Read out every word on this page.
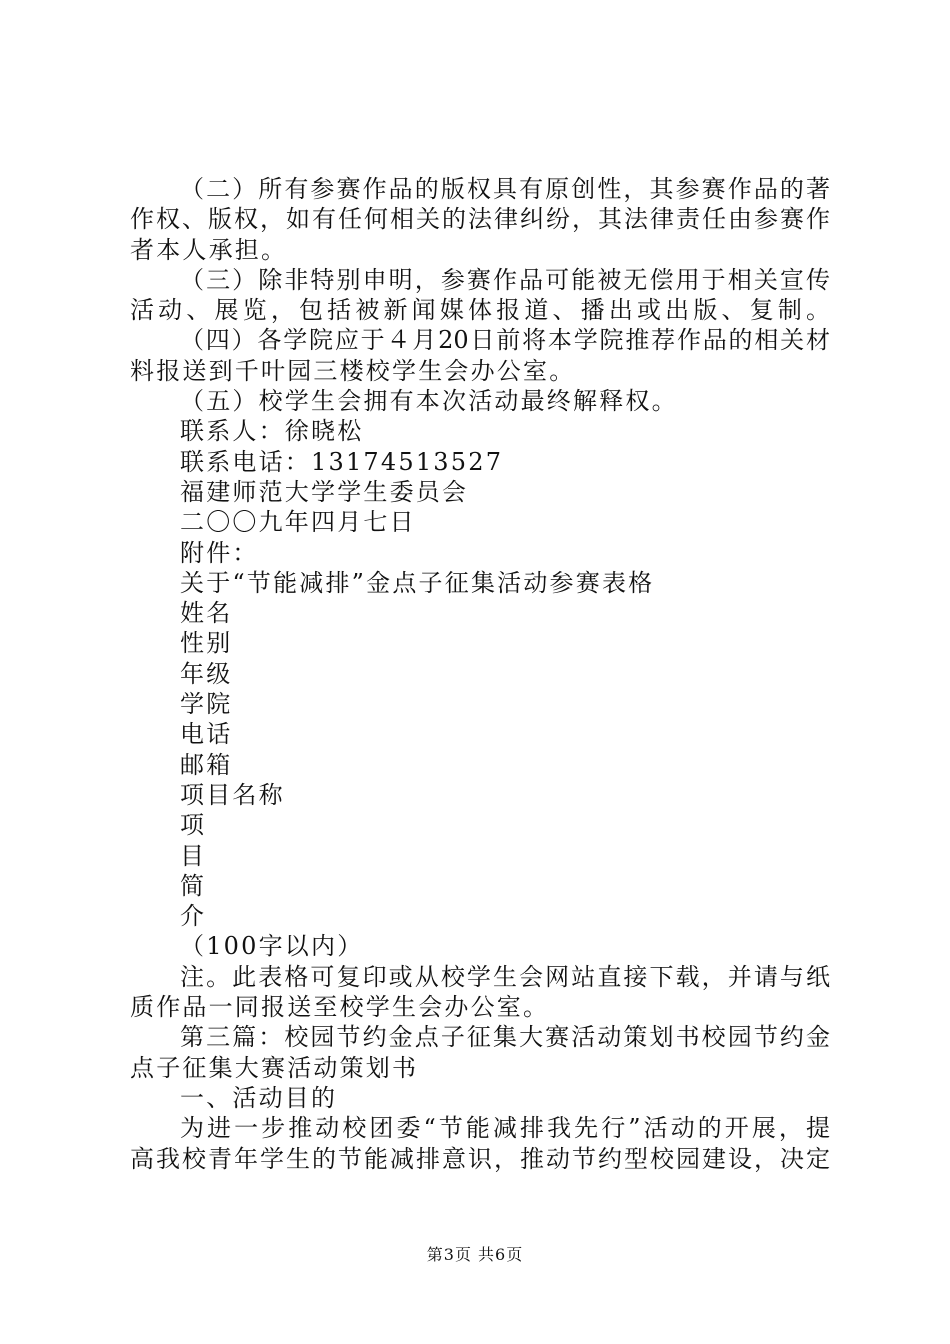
（二）所有参赛作品的版权具有原创性，其参赛作品的著
作权、版权，如有任何相关的法律纠纷，其法律责任由参赛作
者本人承担。
（三）除非特别申明，参赛作品可能被无偿用于相关宣传
活动、展览，包括被新闻媒体报道、播出或出版、复制。
（四）各学院应于４月20日前将本学院推荐作品的相关材
料报送到千叶园三楼校学生会办公室。
（五）校学生会拥有本次活动最终解释权。
联系人：徐晓松
联系电话：13174513527
福建师范大学学生委员会
二〇〇九年四月七日
附件：
关于“节能减排”金点子征集活动参赛表格
姓名
性别
年级
学院
电话
邮箱
项目名称
项
目
简
介
（100字以内）
注。此表格可复印或从校学生会网站直接下载，并请与纸
质作品一同报送至校学生会办公室。
第三篇：校园节约金点子征集大赛活动策划书校园节约金
点子征集大赛活动策划书
一、活动目的
为进一步推动校团委“节能减排我先行”活动的开展，提
高我校青年学生的节能减排意识，推动节约型校园建设，决定
第3页 共6页
